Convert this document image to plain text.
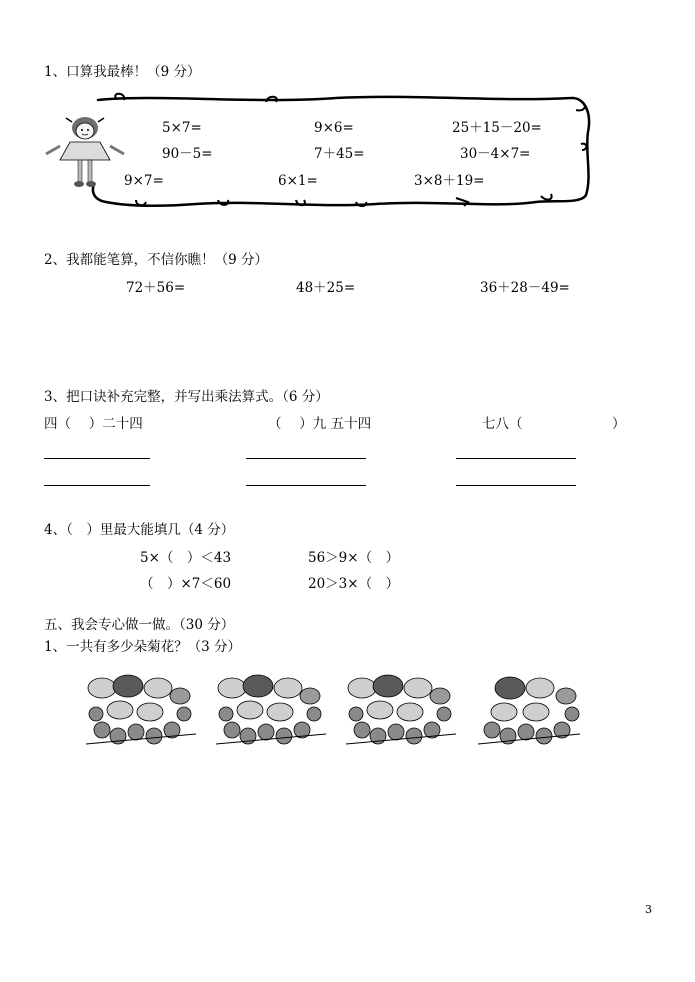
1、口算我最棒！（9 分）
5×7=	9×6=	25＋15－20=
90－5=	7＋45=	30－4×7=
9×7=	6×1=	3×8＋19=
2、我都能笔算，不信你瞧！（9 分）
72＋56=	48＋25=	36＋28－49=
3、把口诀补充完整，并写出乘法算式。（6 分）
四（　 ）二十四	（　 ）九 五十四	七八（	）
4、（　）里最大能填几（4 分）
5×（　）＜43	56＞9×（　）
（　）×7＜60	20＞3×（　）
五、我会专心做一做。（30 分）
1、一共有多少朵菊花？（3 分）
3
